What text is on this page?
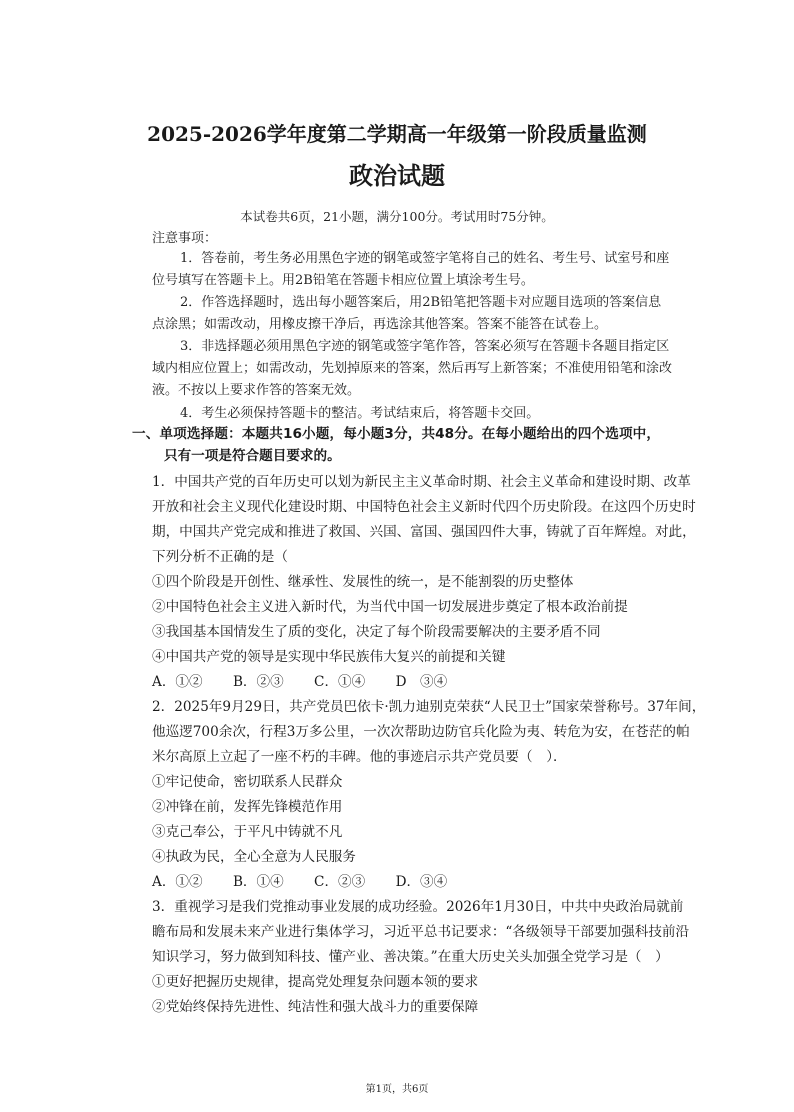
2025-2026学年度第二学期高一年级第一阶段质量监测
政治试题
本试卷共6页，21小题，满分100分。考试用时75分钟。
注意事项：
1．答卷前，考生务必用黑色字迹的钢笔或签字笔将自己的姓名、考生号、试室号和座
位号填写在答题卡上。用2B铅笔在答题卡相应位置上填涂考生号。
2．作答选择题时，选出每小题答案后，用2B铅笔把答题卡对应题目选项的答案信息
点涂黑；如需改动，用橡皮擦干净后，再选涂其他答案。答案不能答在试卷上。
3．非选择题必须用黑色字迹的钢笔或签字笔作答，答案必须写在答题卡各题目指定区
域内相应位置上；如需改动，先划掉原来的答案，然后再写上新答案；不准使用铅笔和涂改
液。不按以上要求作答的答案无效。
4．考生必须保持答题卡的整洁。考试结束后，将答题卡交回。
一、单项选择题：本题共16小题，每小题3分，共48分。在每小题给出的四个选项中，
只有一项是符合题目要求的。
1．中国共产党的百年历史可以划为新民主主义革命时期、社会主义革命和建设时期、改革
开放和社会主义现代化建设时期、中国特色社会主义新时代四个历史阶段。在这四个历史时
期，中国共产党完成和推进了救国、兴国、富国、强国四件大事，铸就了百年辉煌。对此，
下列分析不正确的是（
①四个阶段是开创性、继承性、发展性的统一，是不能割裂的历史整体
②中国特色社会主义进入新时代，为当代中国一切发展进步奠定了根本政治前提
③我国基本国情发生了质的变化，决定了每个阶段需要解决的主要矛盾不同
④中国共产党的领导是实现中华民族伟大复兴的前提和关键
A．①② B．②③ C．①④ D　③④
2．2025年9月29日，共产党员巴依卡·凯力迪别克荣获“人民卫士”国家荣誉称号。37年间，
他巡逻700余次，行程3万多公里，一次次帮助边防官兵化险为夷、转危为安，在苍茫的帕
米尔高原上立起了一座不朽的丰碑。他的事迹启示共产党员要（　）．
①牢记使命，密切联系人民群众
②冲锋在前，发挥先锋模范作用
③克己奉公，于平凡中铸就不凡
④执政为民，全心全意为人民服务
A．①② B．①④ C．②③ D．③④
3．重视学习是我们党推动事业发展的成功经验。2026年1月30日，中共中央政治局就前
瞻布局和发展未来产业进行集体学习，习近平总书记要求：“各级领导干部要加强科技前沿
知识学习，努力做到知科技、懂产业、善决策。”在重大历史关头加强全党学习是（　）
①更好把握历史规律，提高党处理复杂问题本领的要求
②党始终保持先进性、纯洁性和强大战斗力的重要保障
第1页，共6页
